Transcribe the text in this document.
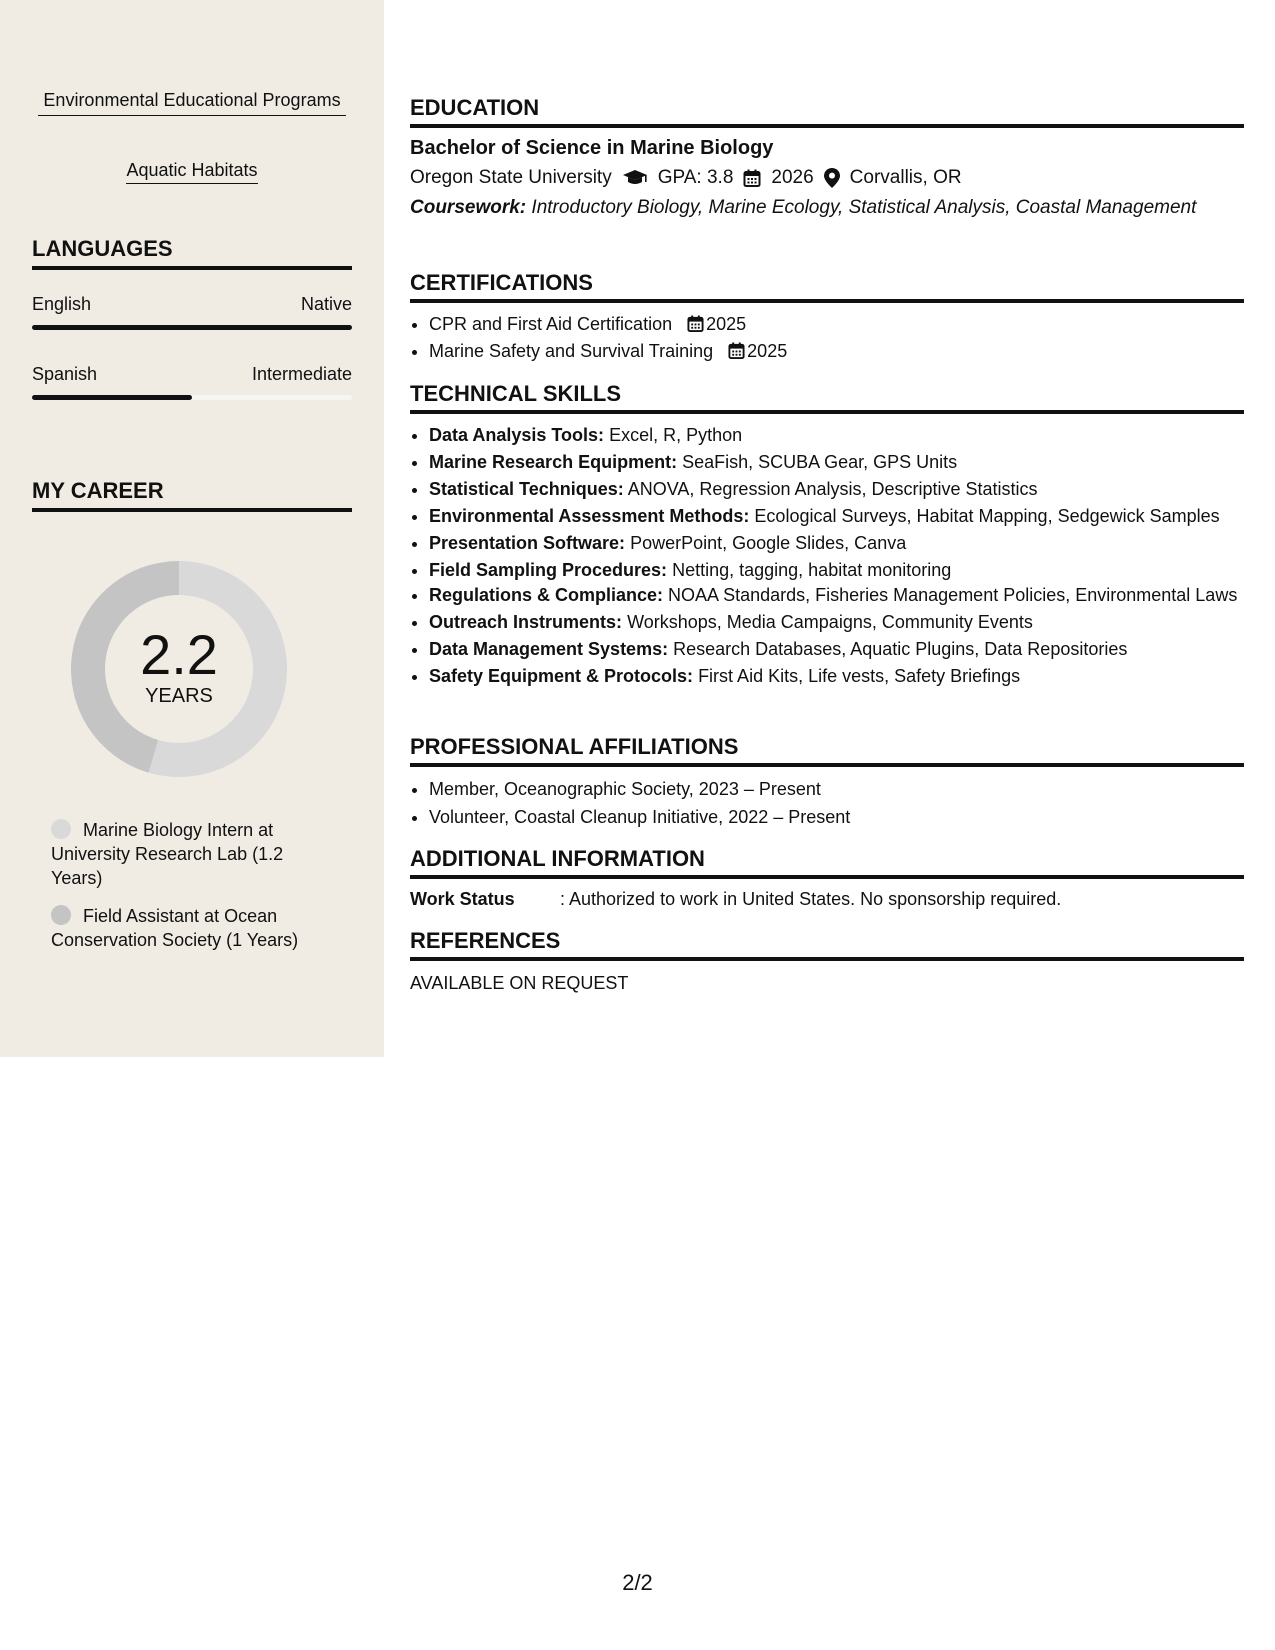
Environmental Educational Programs
Aquatic Habitats
LANGUAGES
English	Native
Spanish	Intermediate
MY CAREER
2.2
YEARS
Marine Biology Intern at University Research Lab (1.2 Years)
Field Assistant at Ocean Conservation Society (1 Years)
EDUCATION
Bachelor of Science in Marine Biology
Oregon State University GPA: 3.8 2026 Corvallis, OR
Coursework: Introductory Biology, Marine Ecology, Statistical Analysis, Coastal Management
CERTIFICATIONS
• CPR and First Aid Certification 2025
• Marine Safety and Survival Training 2025
TECHNICAL SKILLS
• Data Analysis Tools: Excel, R, Python
• Marine Research Equipment: SeaFish, SCUBA Gear, GPS Units
• Statistical Techniques: ANOVA, Regression Analysis, Descriptive Statistics
• Environmental Assessment Methods: Ecological Surveys, Habitat Mapping, Sedgewick Samples
• Presentation Software: PowerPoint, Google Slides, Canva
• Field Sampling Procedures: Netting, tagging, habitat monitoring
• Regulations & Compliance: NOAA Standards, Fisheries Management Policies, Environmental Laws
• Outreach Instruments: Workshops, Media Campaigns, Community Events
• Data Management Systems: Research Databases, Aquatic Plugins, Data Repositories
• Safety Equipment & Protocols: First Aid Kits, Life vests, Safety Briefings
PROFESSIONAL AFFILIATIONS
• Member, Oceanographic Society, 2023 – Present
• Volunteer, Coastal Cleanup Initiative, 2022 – Present
ADDITIONAL INFORMATION
Work Status	: Authorized to work in United States. No sponsorship required.
REFERENCES
AVAILABLE ON REQUEST
2/2
